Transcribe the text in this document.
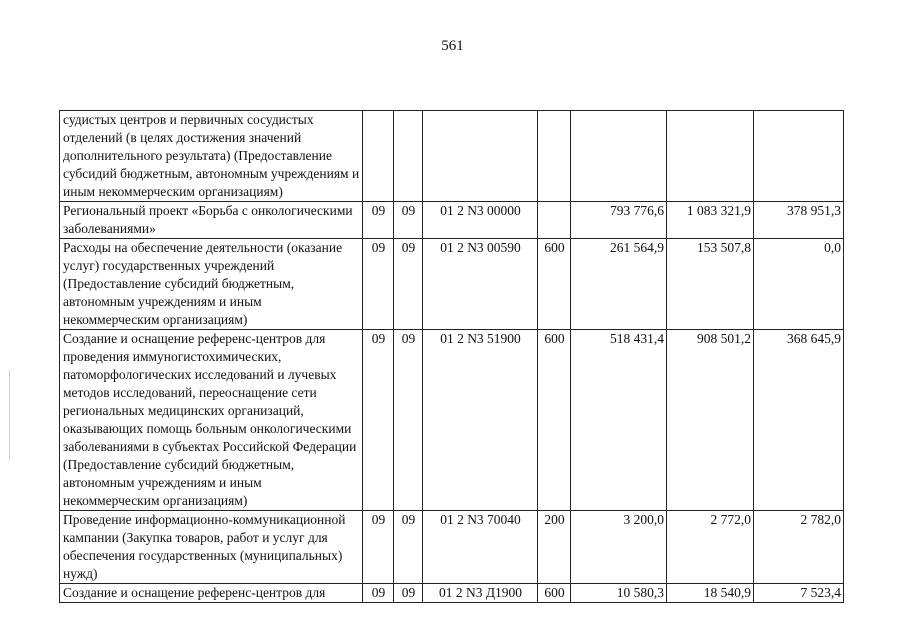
561
судистых центров и первичных сосудистых отделений (в целях достижения значений дополнительного результата) (Предоставление субсидий бюджетным, автономным учреждениям и иным некоммерческим организациям)							
Региональный проект «Борьба с онкологическими заболеваниями»	09	09	01 2 N3 00000		793 776,6	1 083 321,9	378 951,3
Расходы на обеспечение деятельности (оказание услуг) государственных учреждений (Предоставление субсидий бюджетным, автономным учреждениям и иным некоммерческим организациям)	09	09	01 2 N3 00590	600	261 564,9	153 507,8	0,0
Создание и оснащение референс-центров для проведения иммуногистохимических, патоморфологических исследований и лучевых методов исследований, переоснащение сети региональных медицинских организаций, оказывающих помощь больным онкологическими заболеваниями в субъектах Российской Федерации (Предоставление субсидий бюджетным, автономным учреждениям и иным некоммерческим организациям)	09	09	01 2 N3 51900	600	518 431,4	908 501,2	368 645,9
Проведение информационно-коммуникационной кампании (Закупка товаров, работ и услуг для обеспечения государственных (муниципальных) нужд)	09	09	01 2 N3 70040	200	3 200,0	2 772,0	2 782,0
Создание и оснащение референс-центров для	09	09	01 2 N3 Д1900	600	10 580,3	18 540,9	7 523,4
